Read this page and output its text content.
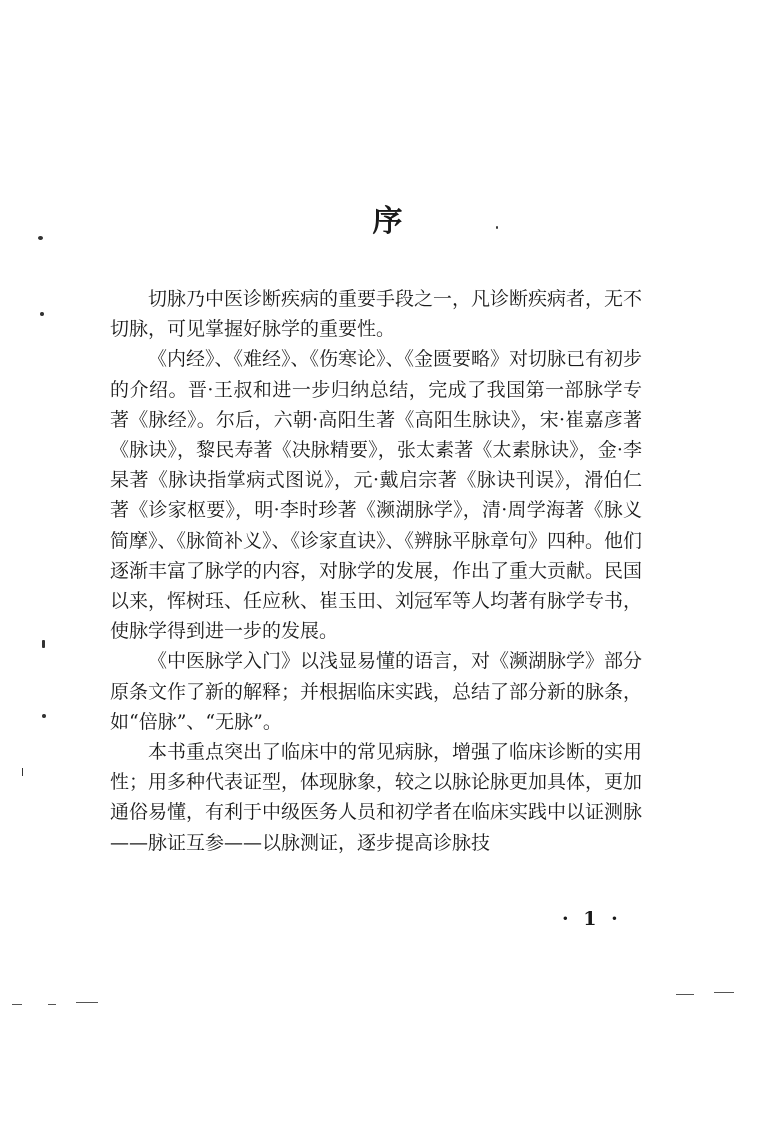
序

切脉乃中医诊断疾病的重要手段之一，凡诊断疾病者，无不切脉，可见掌握好脉学的重要性。

《内经》、《难经》、《伤寒论》、《金匮要略》对切脉已有初步的介绍。晋·王叔和进一步归纳总结，完成了我国第一部脉学专著《脉经》。尔后，六朝·高阳生著《高阳生脉诀》，宋·崔嘉彦著《脉诀》，黎民寿著《决脉精要》，张太素著《太素脉诀》，金·李杲著《脉诀指掌病式图说》，元·戴启宗著《脉诀刊误》，滑伯仁著《诊家枢要》，明·李时珍著《濒湖脉学》，清·周学海著《脉义简摩》、《脉简补义》、《诊家直诀》、《辨脉平脉章句》四种。他们逐渐丰富了脉学的内容，对脉学的发展，作出了重大贡献。民国以来，恽树珏、任应秋、崔玉田、刘冠军等人均著有脉学专书，使脉学得到进一步的发展。

《中医脉学入门》以浅显易懂的语言，对《濒湖脉学》部分原条文作了新的解释；并根据临床实践，总结了部分新的脉条，如“倍脉”、“无脉”。

本书重点突出了临床中的常见病脉，增强了临床诊断的实用性；用多种代表证型，体现脉象，较之以脉论脉更加具体，更加通俗易懂，有利于中级医务人员和初学者在临床实践中以证测脉——脉证互参——以脉测证，逐步提高诊脉技

· 1 ·
